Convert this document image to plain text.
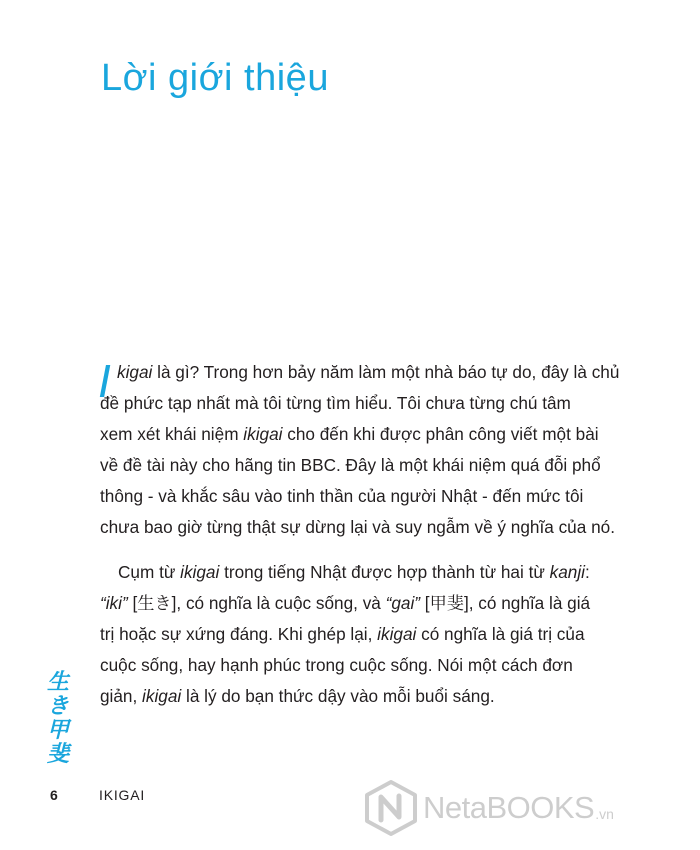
Lời giới thiệu

I kigai là gì? Trong hơn bảy năm làm một nhà báo tự do, đây là chủ
đề phức tạp nhất mà tôi từng tìm hiểu. Tôi chưa từng chú tâm
xem xét khái niệm ikigai cho đến khi được phân công viết một bài
về đề tài này cho hãng tin BBC. Đây là một khái niệm quá đỗi phổ
thông - và khắc sâu vào tinh thần của người Nhật - đến mức tôi
chưa bao giờ từng thật sự dừng lại và suy ngẫm về ý nghĩa của nó.

Cụm từ ikigai trong tiếng Nhật được hợp thành từ hai từ kanji:
“iki” [生き], có nghĩa là cuộc sống, và “gai” [甲斐], có nghĩa là giá
trị hoặc sự xứng đáng. Khi ghép lại, ikigai có nghĩa là giá trị của
cuộc sống, hay hạnh phúc trong cuộc sống. Nói một cách đơn
giản, ikigai là lý do bạn thức dậy vào mỗi buổi sáng.

生
き
甲
斐
6	IKIGAI	NetaBOOKS .vn
